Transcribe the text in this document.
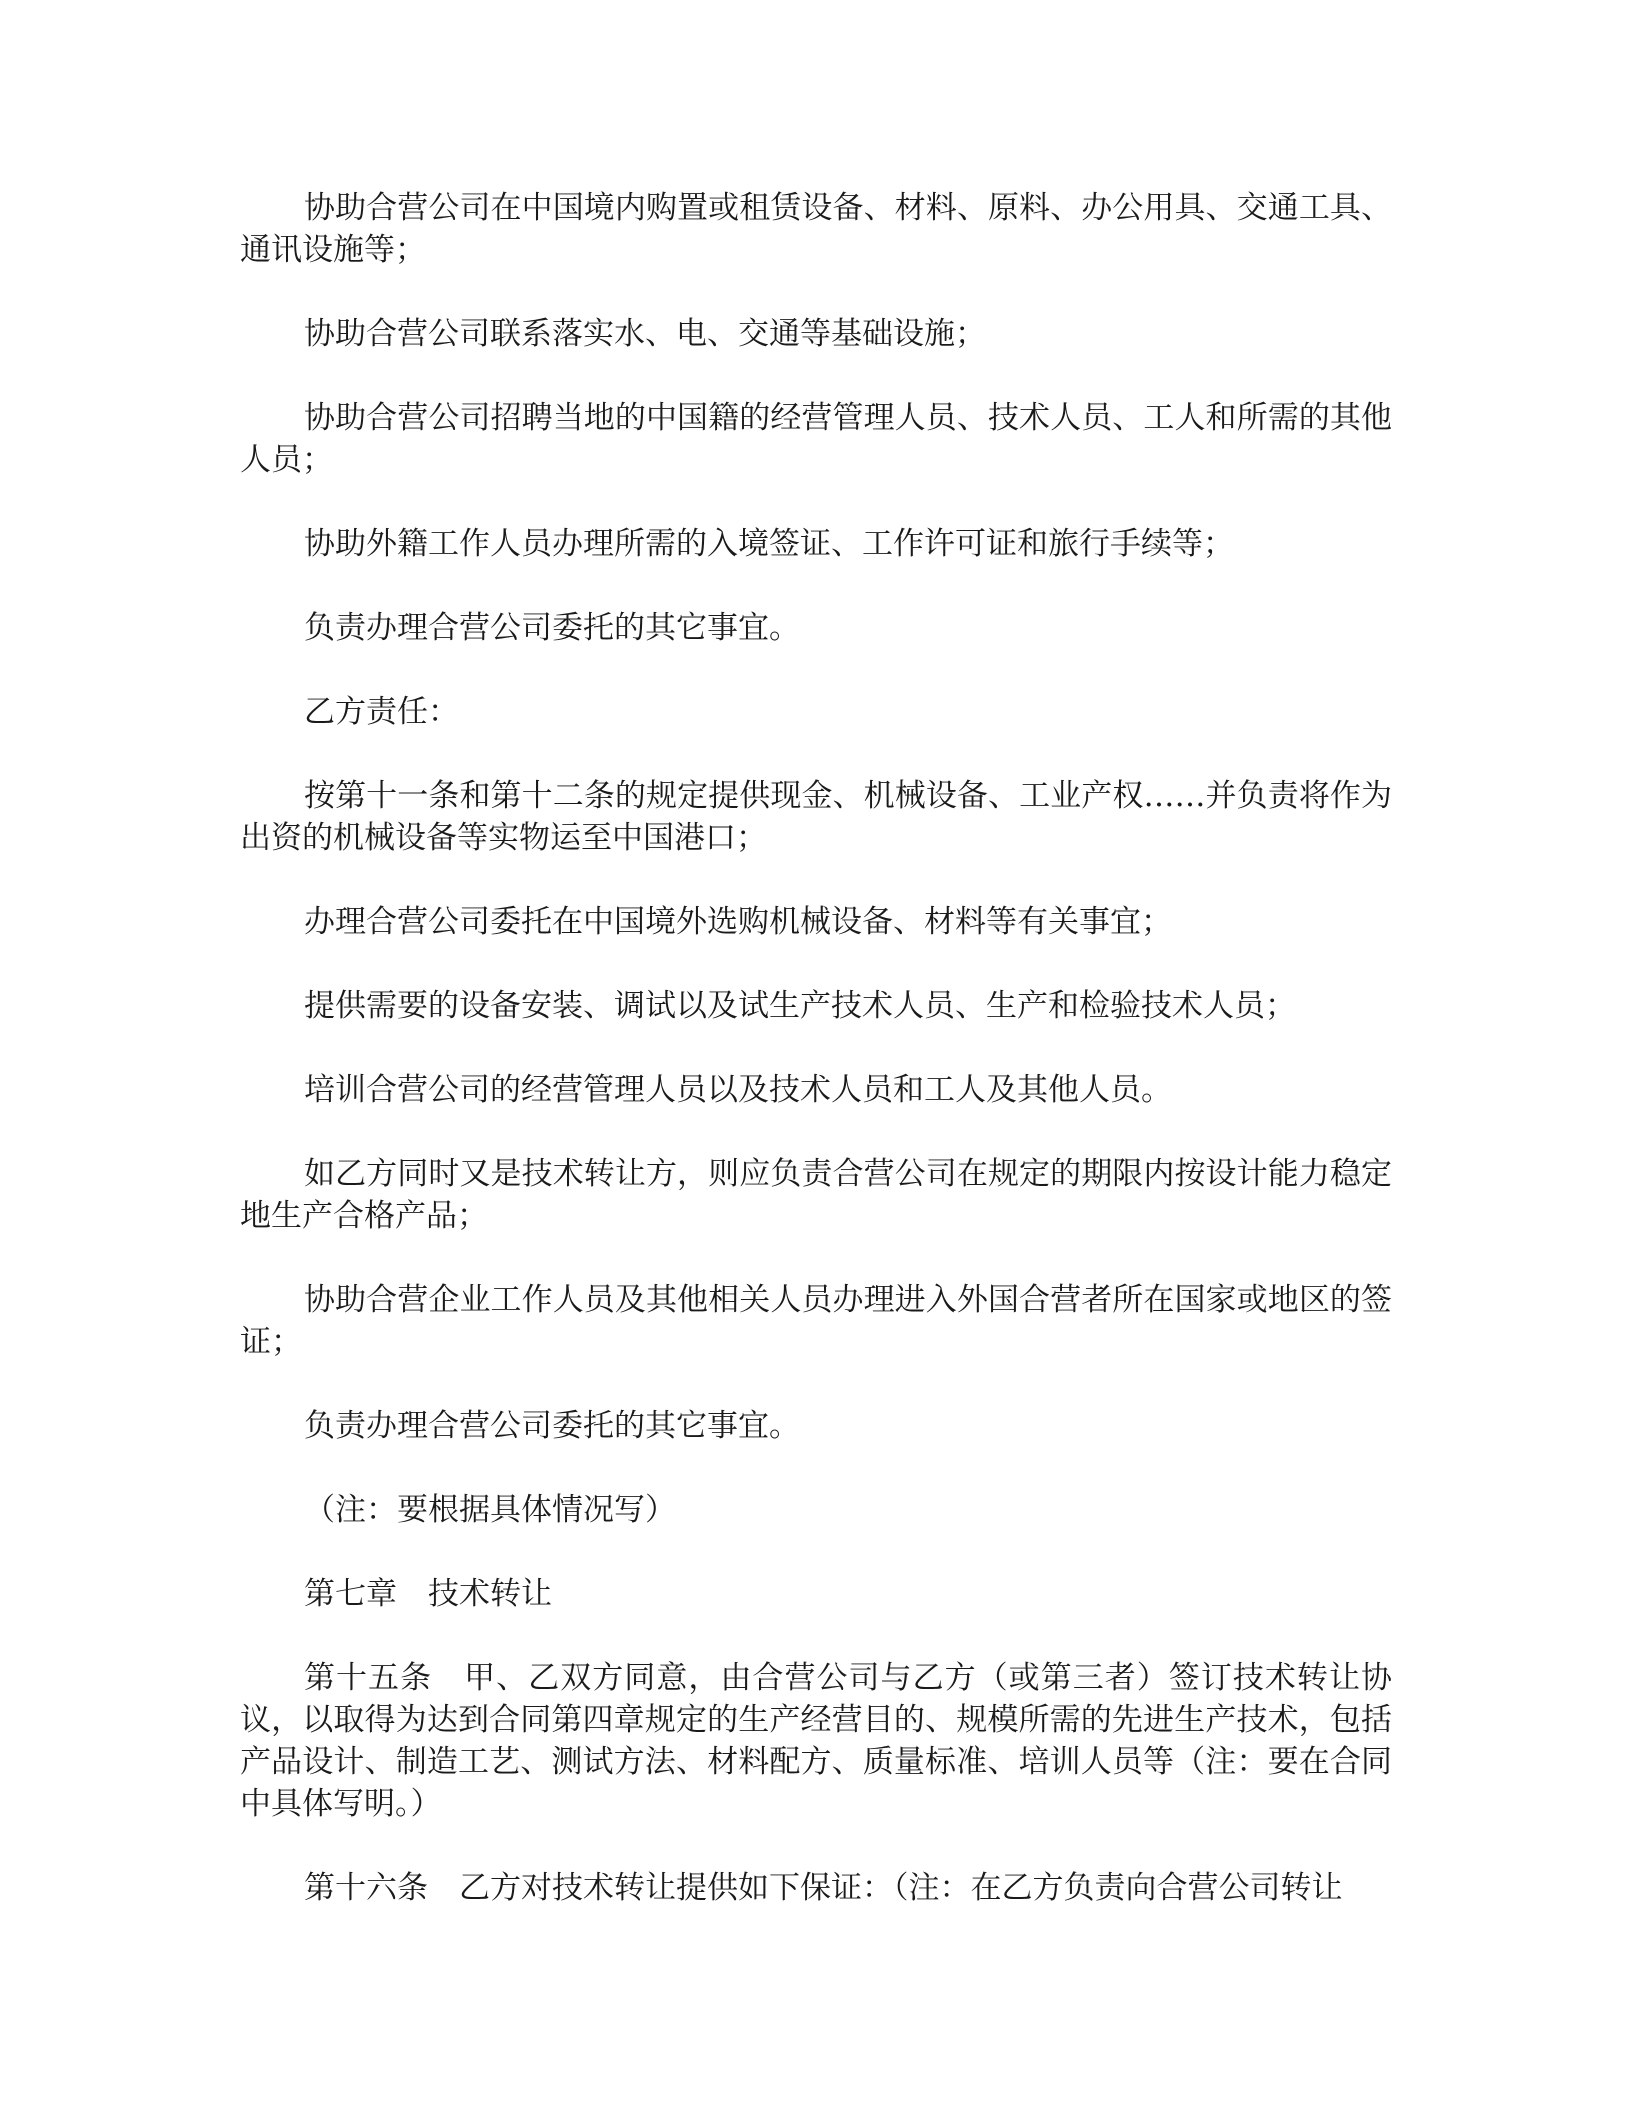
协助合营公司在中国境内购置或租赁设备、材料、原料、办公用具、交通工具、通讯设施等；

协助合营公司联系落实水、电、交通等基础设施；

协助合营公司招聘当地的中国籍的经营管理人员、技术人员、工人和所需的其他人员；

协助外籍工作人员办理所需的入境签证、工作许可证和旅行手续等；

负责办理合营公司委托的其它事宜。

乙方责任：

按第十一条和第十二条的规定提供现金、机械设备、工业产权……并负责将作为出资的机械设备等实物运至中国港口；

办理合营公司委托在中国境外选购机械设备、材料等有关事宜；

提供需要的设备安装、调试以及试生产技术人员、生产和检验技术人员；

培训合营公司的经营管理人员以及技术人员和工人及其他人员。

如乙方同时又是技术转让方，则应负责合营公司在规定的期限内按设计能力稳定地生产合格产品；

协助合营企业工作人员及其他相关人员办理进入外国合营者所在国家或地区的签证；

负责办理合营公司委托的其它事宜。

（注：要根据具体情况写）

第七章　技术转让

第十五条　甲、乙双方同意，由合营公司与乙方（或第三者）签订技术转让协议，以取得为达到合同第四章规定的生产经营目的、规模所需的先进生产技术，包括产品设计、制造工艺、测试方法、材料配方、质量标准、培训人员等（注：要在合同中具体写明。）

第十六条　乙方对技术转让提供如下保证：（注：在乙方负责向合营公司转让
